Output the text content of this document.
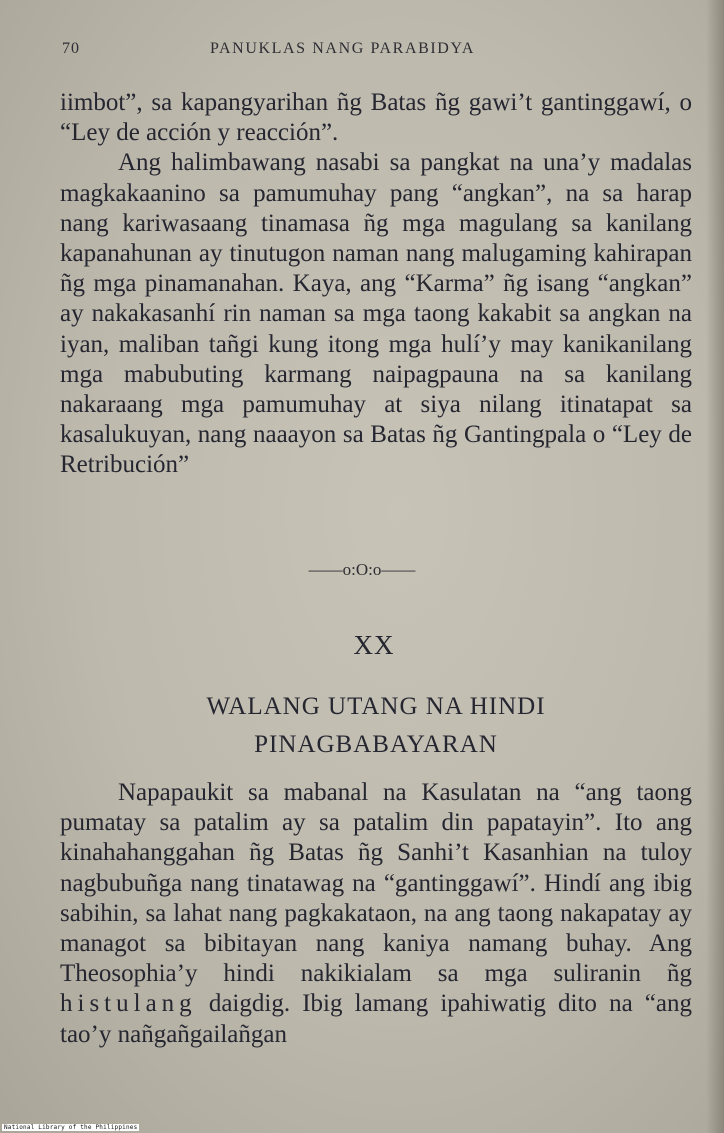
70	PANUKLAS NANG PARABIDYA

iimbot”, sa kapangyarihan ñg Batas ñg gawi’t gantinggawí, o “Ley de acción y reacción”.

Ang halimbawang nasabi sa pangkat na una’y madalas magkakaanino sa pamumuhay pang “angkan”, na sa harap nang kariwasaang tinamasa ñg mga magulang sa kanilang kapanahunan ay tinutugon naman nang malugaming kahirapan ñg mga pinamanahan. Kaya, ang “Karma” ñg isang “angkan” ay nakakasanhí rin naman sa mga taong kakabit sa angkan na iyan, maliban tañgi kung itong mga hulí’y may kanikanilang mga mabubuting karmang naipagpauna na sa kanilang nakaraang mga pamumuhay at siya nilang itinatapat sa kasalukuyan, nang naaayon sa Batas ñg Gantingpala o “Ley de Retribución”

——o:O:o——
XX
WALANG UTANG NA HINDI PINAGBABAYARAN

Napapaukit sa mabanal na Kasulatan na “ang taong pumatay sa patalim ay sa patalim din papatayin”. Ito ang kinahahanggahan ñg Batas ñg Sanhi’t Kasanhian na tuloy nagbubuñga nang tinatawag na “gantinggawí”. Hindí ang ibig sabihin, sa lahat nang pagkakataon, na ang taong nakapatay ay managot sa bibitayan nang kaniya namang buhay. Ang Theosophia’y hindi nakikialam sa mga suliranin ñg histulang daigdig. Ibig lamang ipahiwatig dito na “ang tao’y nañgañgailañgan

National Library of the Philippines
